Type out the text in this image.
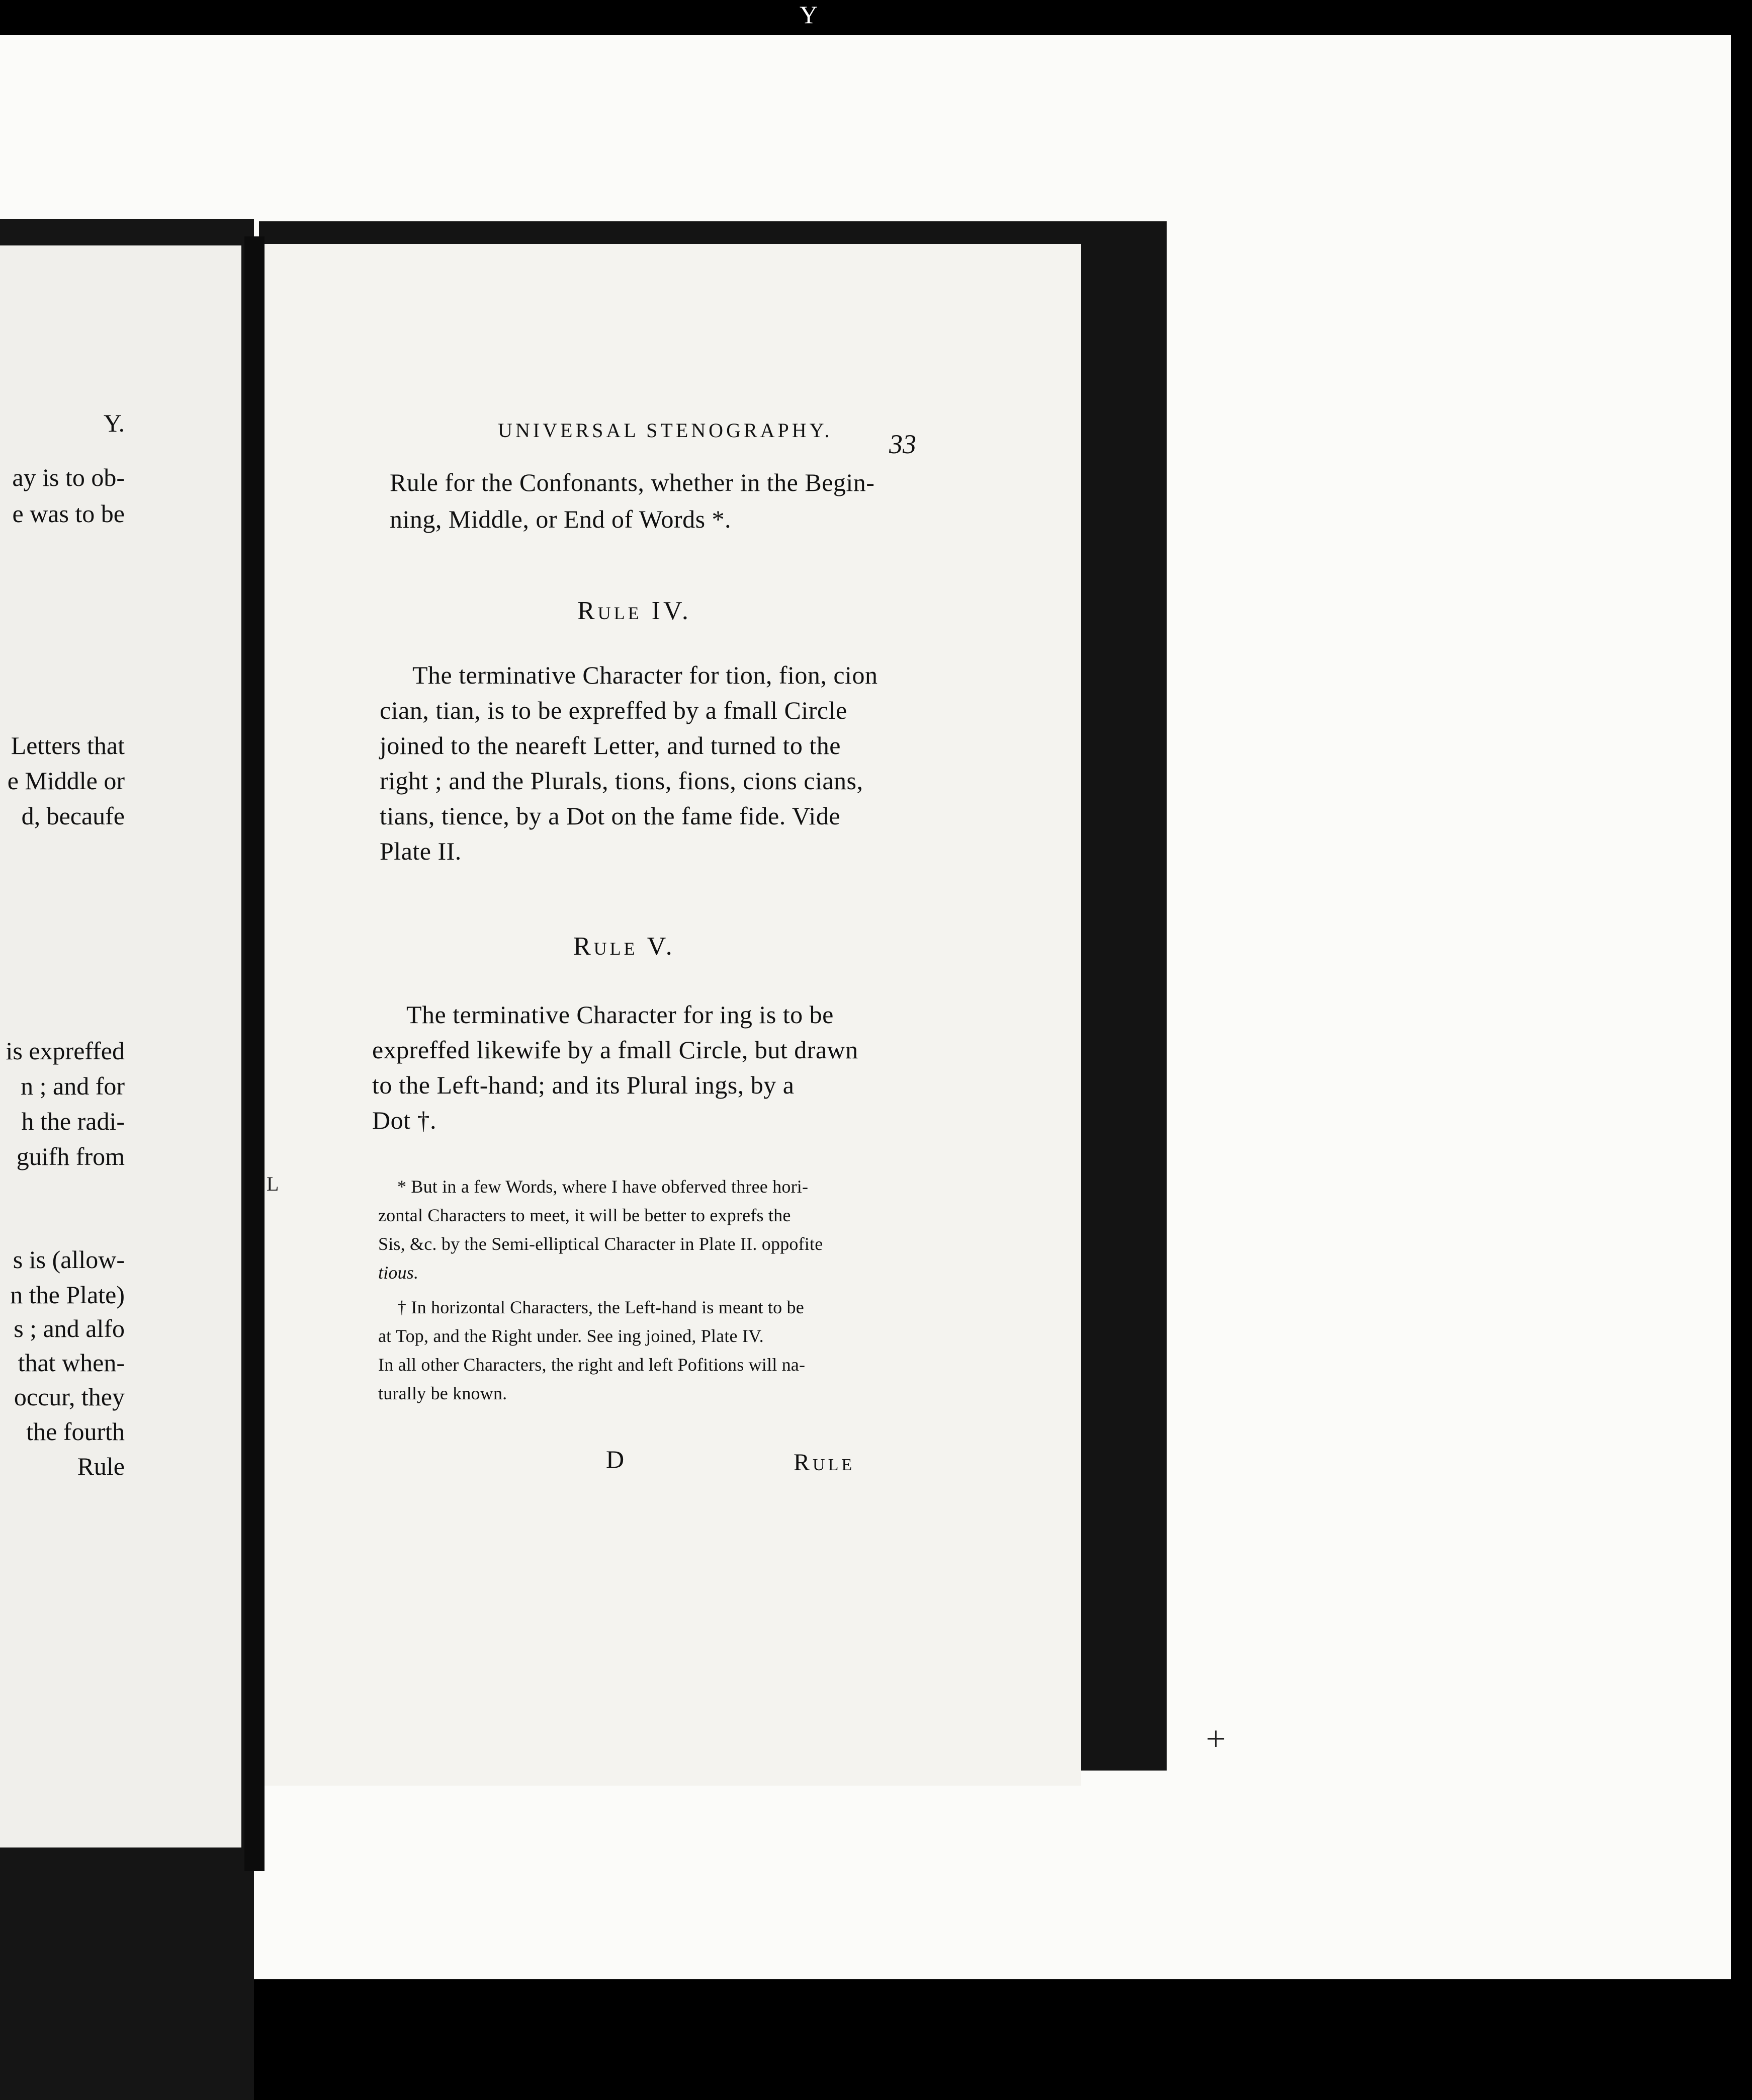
Y
Y.
ay is to ob-
e was to be
Letters that
e Middle or
d, becaufe
is expreffed
n ; and for
h the radi-
guifh from
s is (allow-
n the Plate)
s ; and alfo
that when-
occur, they
the fourth
Rule
UNIVERSAL STENOGRAPHY. 33
Rule for the Confonants, whether in the Begin-
ning, Middle, or End of Words *.
Rule IV.
The terminative Character for tion, fion, cion
cian, tian, is to be expreffed by a fmall Circle
joined to the neareft Letter, and turned to the
right ; and the Plurals, tions, fions, cions cians,
tians, tience, by a Dot on the fame fide. Vide
Plate II.
Rule V.
The terminative Character for ing is to be
expreffed likewife by a fmall Circle, but drawn
to the Left-hand; and its Plural ings, by a
Dot †.
L	* But in a few Words, where I have obferved three hori-
zontal Characters to meet, it will be better to exprefs the
Sis, &c. by the Semi-elliptical Character in Plate II. oppofite
tious.
† In horizontal Characters, the Left-hand is meant to be
at Top, and the Right under. See ing joined, Plate IV.
In all other Characters, the right and left Pofitions will na-
turally be known.
D	Rule
+
